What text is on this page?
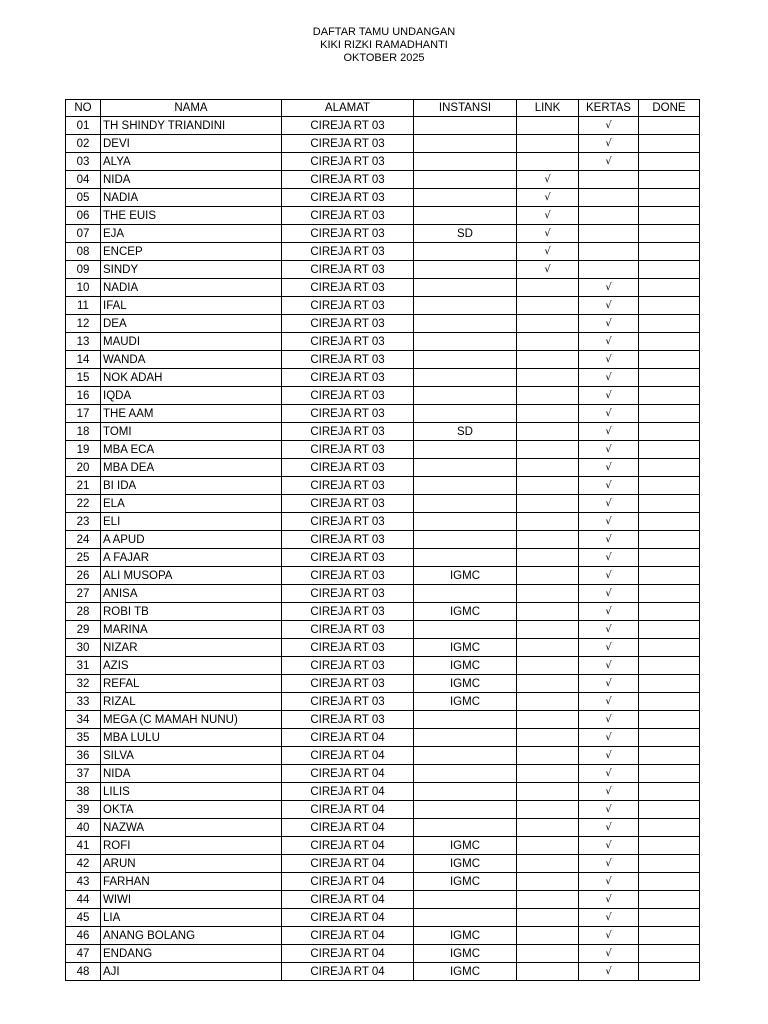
DAFTAR TAMU UNDANGAN
KIKI RIZKI RAMADHANTI
OKTOBER 2025
NO	NAMA	ALAMAT	INSTANSI	LINK	KERTAS	DONE
01	TH SHINDY TRIANDINI	CIREJA RT 03			√	
02	DEVI	CIREJA RT 03			√	
03	ALYA	CIREJA RT 03			√	
04	NIDA	CIREJA RT 03		√		
05	NADIA	CIREJA RT 03		√		
06	THE EUIS	CIREJA RT 03		√		
07	EJA	CIREJA RT 03	SD	√		
08	ENCEP	CIREJA RT 03		√		
09	SINDY	CIREJA RT 03		√		
10	NADIA	CIREJA RT 03			√	
11	IFAL	CIREJA RT 03			√	
12	DEA	CIREJA RT 03			√	
13	MAUDI	CIREJA RT 03			√	
14	WANDA	CIREJA RT 03			√	
15	NOK ADAH	CIREJA RT 03			√	
16	IQDA	CIREJA RT 03			√	
17	THE AAM	CIREJA RT 03			√	
18	TOMI	CIREJA RT 03	SD		√	
19	MBA ECA	CIREJA RT 03			√	
20	MBA DEA	CIREJA RT 03			√	
21	BI IDA	CIREJA RT 03			√	
22	ELA	CIREJA RT 03			√	
23	ELI	CIREJA RT 03			√	
24	A APUD	CIREJA RT 03			√	
25	A FAJAR	CIREJA RT 03			√	
26	ALI MUSOPA	CIREJA RT 03	IGMC		√	
27	ANISA	CIREJA RT 03			√	
28	ROBI TB	CIREJA RT 03	IGMC		√	
29	MARINA	CIREJA RT 03			√	
30	NIZAR	CIREJA RT 03	IGMC		√	
31	AZIS	CIREJA RT 03	IGMC		√	
32	REFAL	CIREJA RT 03	IGMC		√	
33	RIZAL	CIREJA RT 03	IGMC		√	
34	MEGA (C MAMAH NUNU)	CIREJA RT 03			√	
35	MBA LULU	CIREJA RT 04			√	
36	SILVA	CIREJA RT 04			√	
37	NIDA	CIREJA RT 04			√	
38	LILIS	CIREJA RT 04			√	
39	OKTA	CIREJA RT 04			√	
40	NAZWA	CIREJA RT 04			√	
41	ROFI	CIREJA RT 04	IGMC		√	
42	ARUN	CIREJA RT 04	IGMC		√	
43	FARHAN	CIREJA RT 04	IGMC		√	
44	WIWI	CIREJA RT 04			√	
45	LIA	CIREJA RT 04			√	
46	ANANG BOLANG	CIREJA RT 04	IGMC		√	
47	ENDANG	CIREJA RT 04	IGMC		√	
48	AJI	CIREJA RT 04	IGMC		√	
